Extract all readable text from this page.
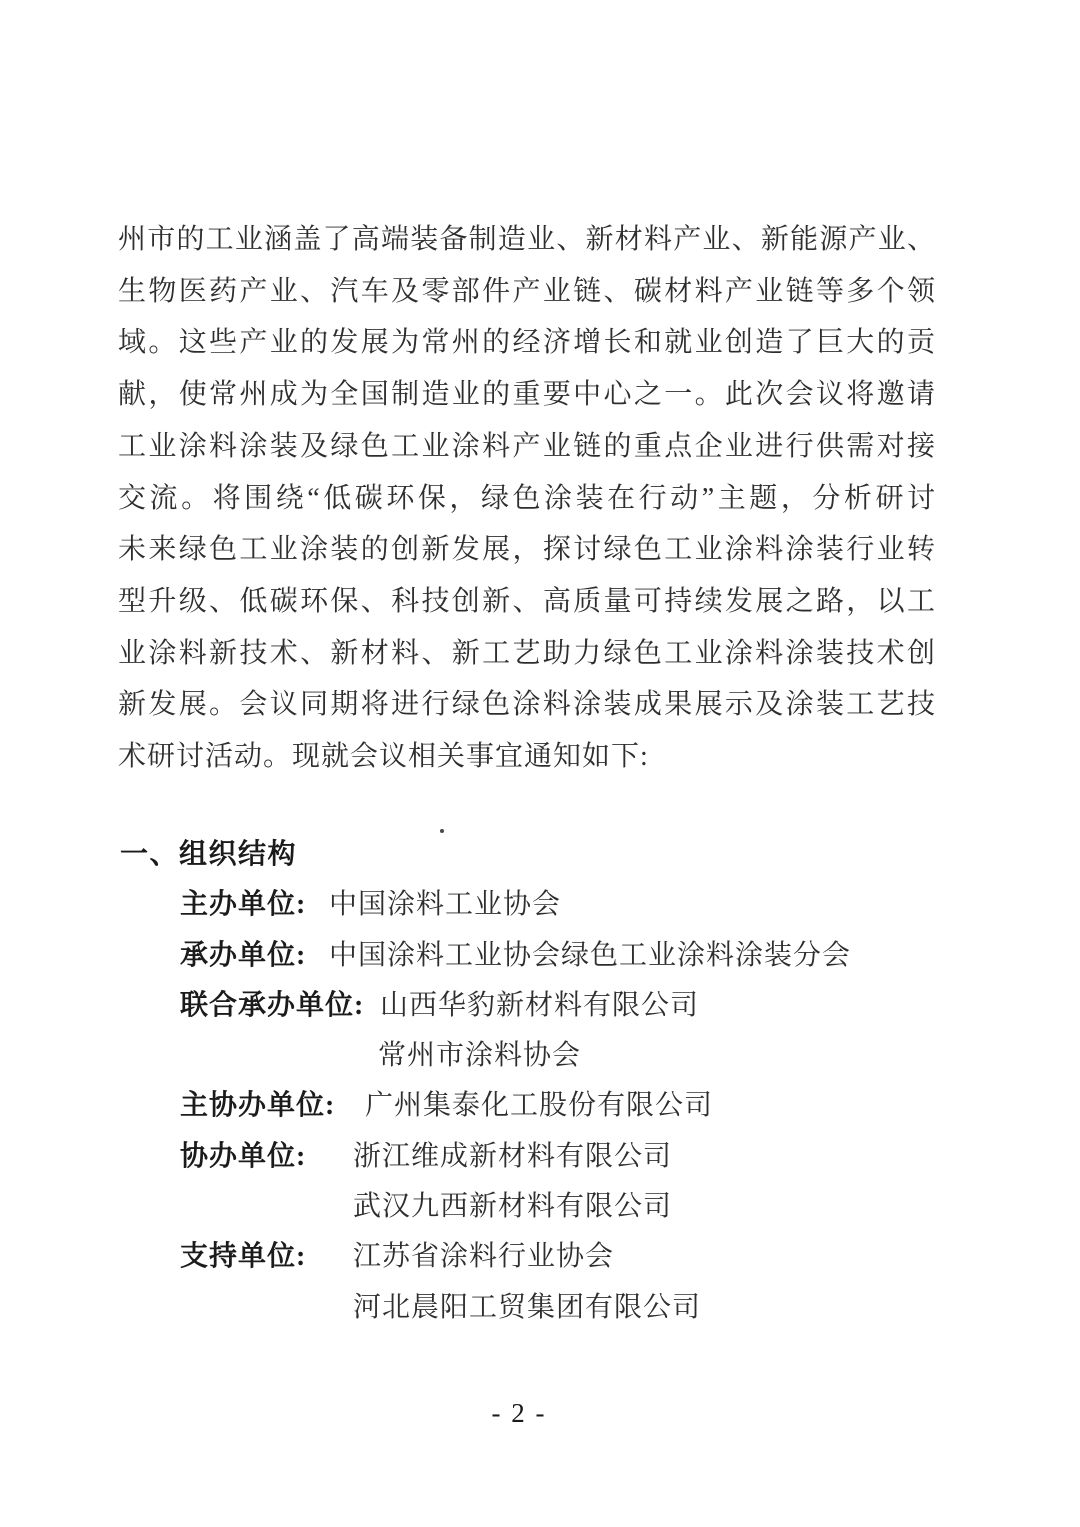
州市的工业涵盖了高端装备制造业、新材料产业、新能源产业、
生物医药产业、汽车及零部件产业链、碳材料产业链等多个领
域。这些产业的发展为常州的经济增长和就业创造了巨大的贡
献，使常州成为全国制造业的重要中心之一。此次会议将邀请
工业涂料涂装及绿色工业涂料产业链的重点企业进行供需对接
交流。将围绕“低碳环保，绿色涂装在行动”主题，分析研讨
未来绿色工业涂装的创新发展，探讨绿色工业涂料涂装行业转
型升级、低碳环保、科技创新、高质量可持续发展之路，以工
业涂料新技术、新材料、新工艺助力绿色工业涂料涂装技术创
新发展。会议同期将进行绿色涂料涂装成果展示及涂装工艺技
术研讨活动。现就会议相关事宜通知如下:
一、组织结构
主办单位: 中国涂料工业协会
承办单位: 中国涂料工业协会绿色工业涂料涂装分会
联合承办单位: 山西华豹新材料有限公司
常州市涂料协会
主协办单位: 广州集泰化工股份有限公司
协办单位: 浙江维成新材料有限公司
武汉九西新材料有限公司
支持单位: 江苏省涂料行业协会
河北晨阳工贸集团有限公司
- 2 -
